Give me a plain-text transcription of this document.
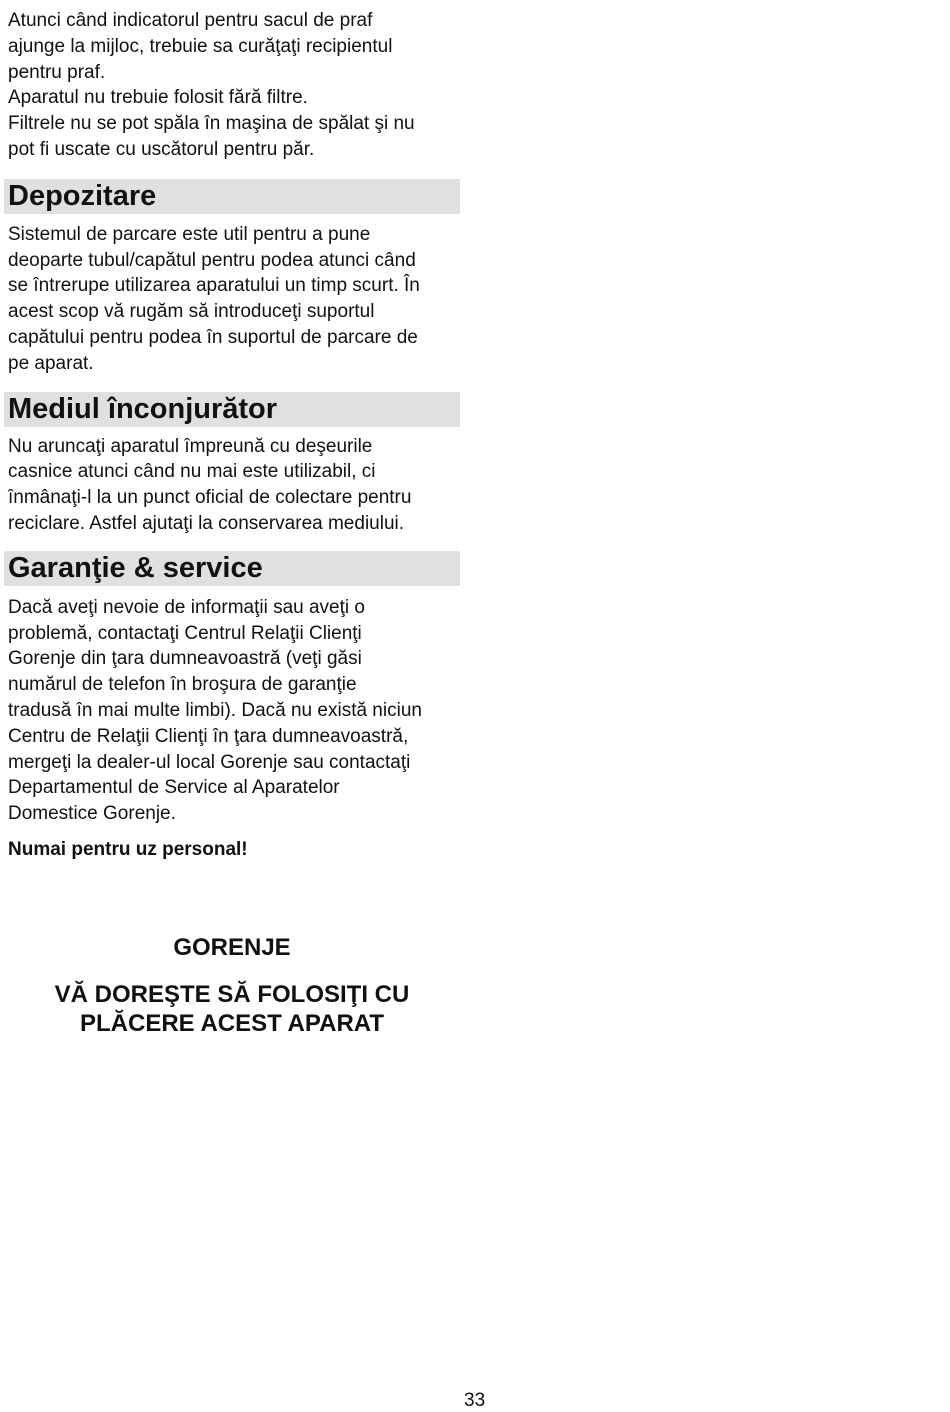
Atunci când indicatorul pentru sacul de praf
ajunge la mijloc, trebuie sa curăţaţi recipientul
pentru praf.
Aparatul nu trebuie folosit fără filtre.
Filtrele nu se pot spăla în maşina de spălat şi nu
pot fi uscate cu uscătorul pentru păr.

Depozitare

Sistemul de parcare este util pentru a pune
deoparte tubul/capătul pentru podea atunci când
se întrerupe utilizarea aparatului un timp scurt. În
acest scop vă rugăm să introduceţi suportul
capătului pentru podea în suportul de parcare de
pe aparat.

Mediul înconjurător

Nu aruncaţi aparatul împreună cu deşeurile
casnice atunci când nu mai este utilizabil, ci
înmânaţi-l la un punct oficial de colectare pentru
reciclare. Astfel ajutaţi la conservarea mediului.

Garanţie & service

Dacă aveţi nevoie de informaţii sau aveţi o
problemă, contactaţi Centrul Relaţii Clienţi
Gorenje din ţara dumneavoastră (veţi găsi
numărul de telefon în broşura de garanţie
tradusă în mai multe limbi). Dacă nu există niciun
Centru de Relaţii Clienţi în ţara dumneavoastră,
mergeţi la dealer-ul local Gorenje sau contactaţi
Departamentul de Service al Aparatelor
Domestice Gorenje.

Numai pentru uz personal!
GORENJE
VĂ DOREŞTE SĂ FOLOSIŢI CU
PLĂCERE ACEST APARAT
33
